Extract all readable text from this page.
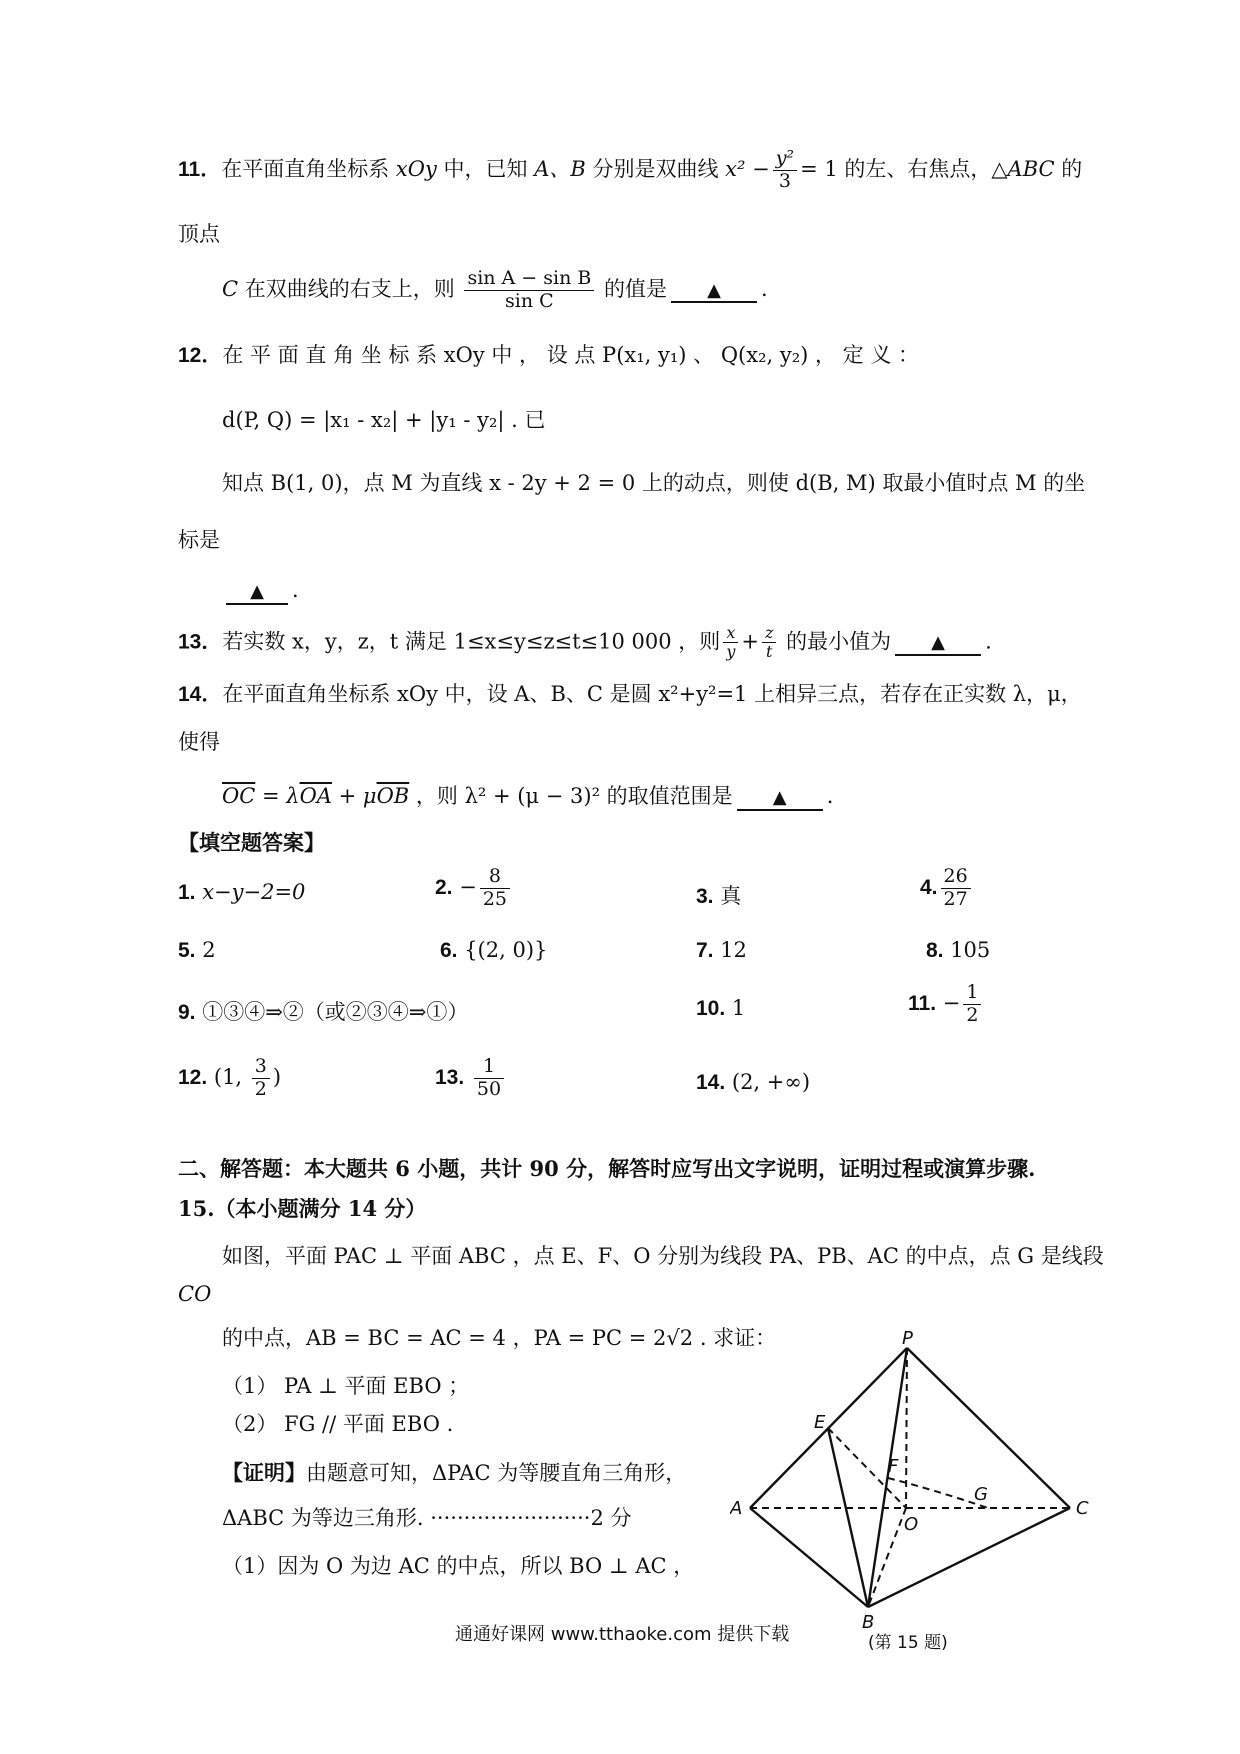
11．在平面直角坐标系 xOy 中，已知 A、B 分别是双曲线 $x^2 - \frac{\text{y²}}{3} = 1$ 的左、右焦点，△ABC 的
顶点
C 在双曲线的右支上，则 $\frac{\text{sin A − sin B}}{\text{sin C}}$ 的值是 ▲ .
12．在 平 面 直 角 坐 标 系 xOy 中 ， 设 点 P(x₁, y₁) 、 Q(x₂, y₂) ， 定 义 ：
d(P, Q) = |x₁ - x₂| + |y₁ - y₂| . 已
知点 B(1, 0)，点 M 为直线 x - 2y + 2 = 0 上的动点，则使 d(B, M) 取最小值时点 M 的坐
标是
▲ .
13．若实数 x，y，z，t 满足 1≤x≤y≤z≤t≤10 000 ，则 $\frac{x}{y} + \frac{z}{t}$ 的最小值为 ▲ .
14．在平面直角坐标系 xOy 中，设 A、B、C 是圆 x²+y²=1 上相异三点，若存在正实数 λ，μ，
使得
$\overline{OC} = \lambda\overline{OA} + \mu\overline{OB}$ ，则 λ² + (μ − 3)² 的取值范围是 ▲ .
【填空题答案】
1. x−y−2=0	2. − $\frac{8}{25}$	3. 真	4. $\frac{26}{27}$
5. 2	6. {(2, 0)}	7. 12	8. 105
9. ①③④⇒②（或②③④⇒①）	10. 1	11. − $\frac{1}{2}$
12. (1, $\frac{3}{2}$ )	13. $\frac{1}{50}$	14. (2, +∞)
二、解答题：本大题共 6 小题，共计 90 分，解答时应写出文字说明，证明过程或演算步骤.
15.（本小题满分 14 分）
如图，平面 PAC ⊥ 平面 ABC ，点 E、F、O 分别为线段 PA、PB、AC 的中点，点 G 是线段
CO
的中点，AB = BC = AC = 4 ，PA = PC = 2√2 . 求证：
（1） PA ⊥ 平面 EBO ；
（2） FG // 平面 EBO .
【证明】由题意可知，ΔPAC 为等腰直角三角形，
ΔABC 为等边三角形. ························2 分
（1）因为 O 为边 AC 的中点，所以 BO ⊥ AC ，
P
E
F
G
A
O
C
B
(第 15 题)
通通好课网 www.tthaoke.com 提供下载
